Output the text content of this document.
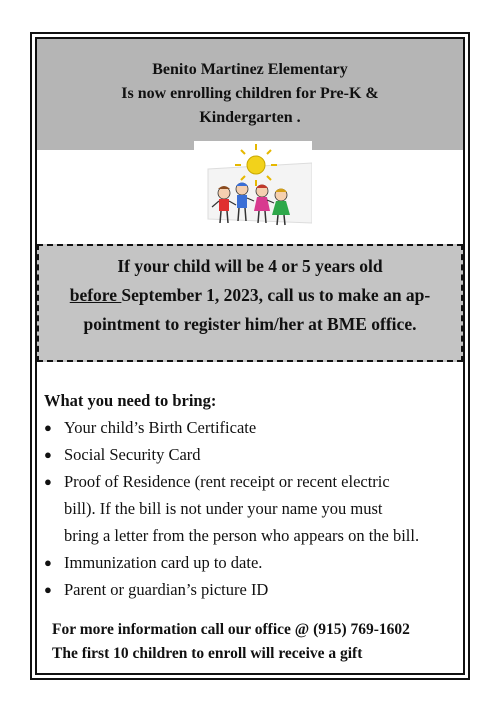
Benito Martinez Elementary
Is now enrolling children for Pre-K &
Kindergarten .
If your child will be 4 or 5 years old
before September 1, 2023, call us to make an ap-
pointment to register him/her at BME office.
What you need to bring:
● Your child’s Birth Certificate
● Social Security Card
● Proof of Residence (rent receipt or recent electric
bill). If the bill is not under your name you must
bring a letter from the person who appears on the bill.
● Immunization card up to date.
● Parent or guardian’s picture ID
For more information call our office @ (915) 769-1602
The first 10 children to enroll will receive a gift
